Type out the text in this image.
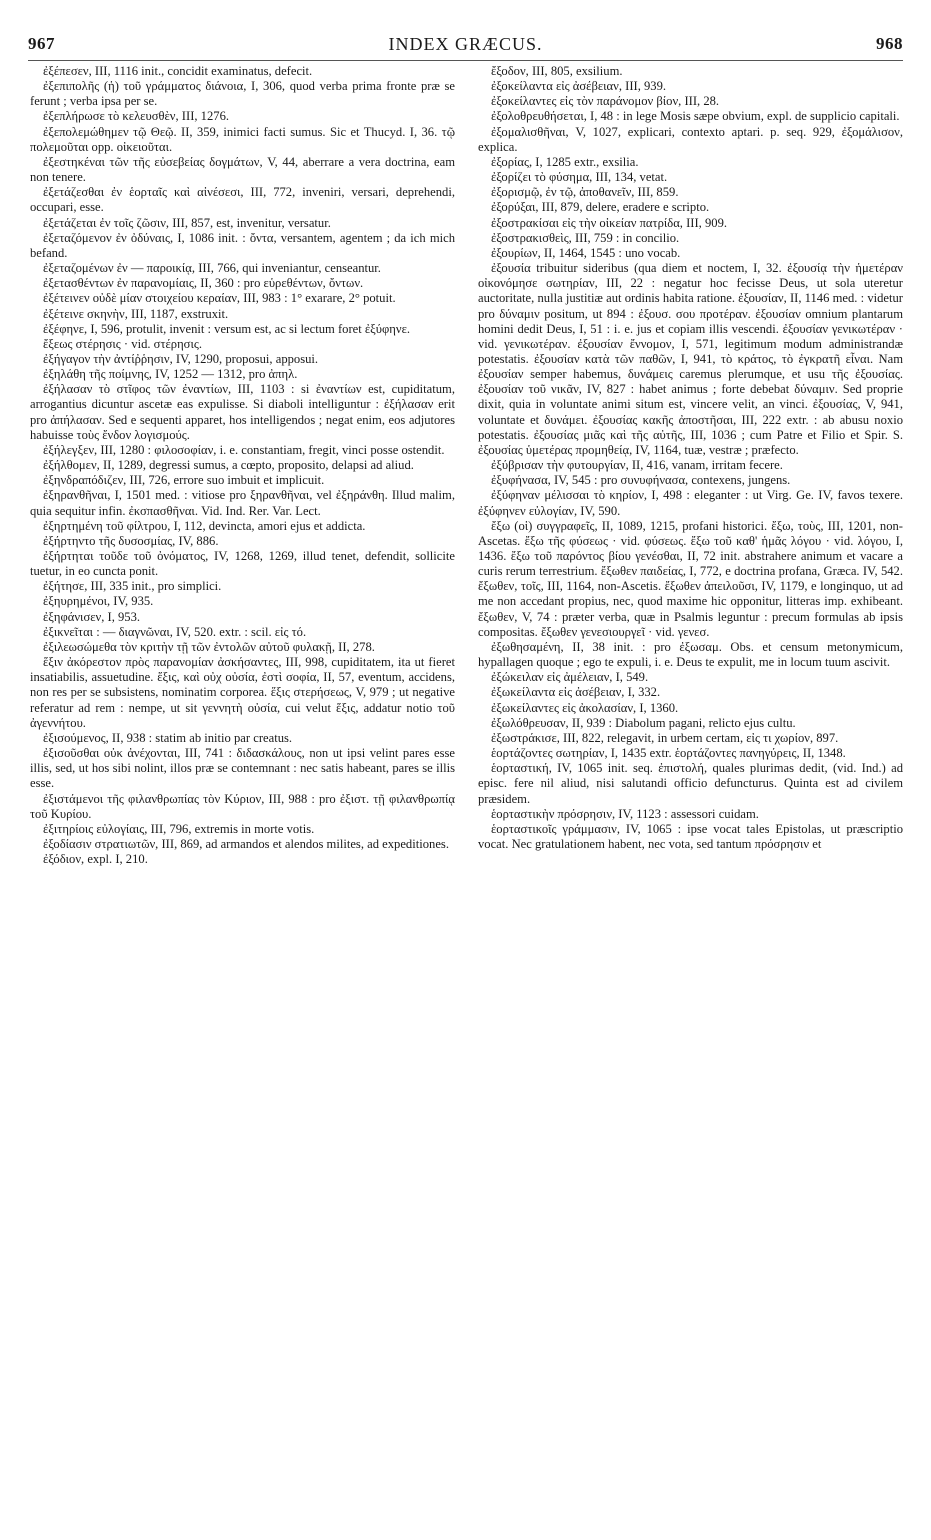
967	INDEX GRÆCUS.	968

ἐξέπεσεν, III, 1116 init., concidit examinatus, defecit.

ἐξεπιπολῆς (ἡ) τοῦ γράμματος διάνοια, I, 306, quod verba prima fronte præ se ferunt ; verba ipsa per se.

ἐξεπλήρωσε τὸ κελευσθὲν, III, 1276.

ἐξεπολεμώθημεν τῷ Θεῷ. II, 359, inimici facti sumus. Sic et Thucyd. I, 36. τῷ πολεμοῦται opp. οἰκειοῦται.

ἐξεστηκέναι τῶν τῆς εὐσεβείας δογμάτων, V, 44, aberrare a vera doctrina, eam non tenere.

ἐξετάζεσθαι ἐν ἑορταῖς καὶ αἰνέσεσι, III, 772, inveniri, versari, deprehendi, occupari, esse.

ἐξετάζεται ἐν τοῖς ζῶσιν, III, 857, est, invenitur, versatur.

ἐξεταζόμενον ἐν ὀδύναις, I, 1086 init. : ὄντα, versantem, agentem ; da ich mich befand.

ἐξεταζομένων ἐν — παροικίᾳ, III, 766, qui inveniantur, censeantur.

ἐξετασθέντων ἐν παρανομίαις, II, 360 : pro εὑρεθέντων, ὄντων.

ἐξέτεινεν οὐδὲ μίαν στοιχείου κεραίαν, III, 983 : 1° exarare, 2° potuit.

ἐξέτεινε σκηνὴν, III, 1187, exstruxit.

ἐξέφηνε, I, 596, protulit, invenit : versum est, ac si lectum foret ἐξύφηνε.

ἔξεως στέρησις · vid. στέρησις.

ἐξήγαγον τὴν ἀντίῤῥησιν, IV, 1290, proposui, apposui.

ἐξηλάθη τῆς ποίμνης, IV, 1252 — 1312, pro ἀπηλ.

ἐξήλασαν τὸ στῖφος τῶν ἐναντίων, III, 1103 : si ἐναντίων est, cupiditatum, arrogantius dicuntur ascetæ eas expulisse. Si diaboli intelliguntur : ἐξήλασαν erit pro ἀπήλασαν. Sed e sequenti apparet, hos intelligendos ; negat enim, eos adjutores habuisse τοὺς ἔνδον λογισμούς.

ἐξήλεγξεν, III, 1280 : φιλοσοφίαν, i. e. constantiam, fregit, vinci posse ostendit.

ἐξήλθομεν, II, 1289, degressi sumus, a cœpto, proposito, delapsi ad aliud.

ἐξηνδραπόδιζεν, III, 726, errore suo imbuit et implicuit.

ἐξηρανθῆναι, I, 1501 med. : vitiose pro ξηρανθῆναι, vel ἐξηράνθη. Illud malim, quia sequitur infin. ἐκσπασθῆναι. Vid. Ind. Rer. Var. Lect.

ἐξηρτημένη τοῦ φίλτρου, I, 112, devincta, amori ejus et addicta.

ἐξήρτηντο τῆς δυσοσμίας, IV, 886.

ἐξήρτηται τοῦδε τοῦ ὀνόματος, IV, 1268, 1269, illud tenet, defendit, sollicite tuetur, in eo cuncta ponit.

ἐξήτησε, III, 335 init., pro simplici.

ἐξηυρημένοι, IV, 935.

ἐξηφάνισεν, I, 953.

ἐξικνεῖται : — διαγνῶναι, IV, 520. extr. : scil. εἰς τό.

ἐξιλεωσώμεθα τὸν κριτὴν τῇ τῶν ἐντολῶν αὐτοῦ φυλακῇ, II, 278.

ἕξιν ἀκόρεστον πρὸς παρανομίαν ἀσκήσαντες, III, 998, cupiditatem, ita ut fieret insatiabilis, assuetudine. ἕξις, καὶ οὐχ οὐσία, ἐστὶ σοφία, II, 57, eventum, accidens, non res per se subsistens, nominatim corporea. ἕξις στερήσεως, V, 979 ; ut negative referatur ad rem : nempe, ut sit γεννητὴ οὐσία, cui velut ἕξις, addatur notio τοῦ ἀγεννήτου.

ἐξισούμενος, II, 938 : statim ab initio par creatus.

ἐξισοῦσθαι οὐκ ἀνέχονται, III, 741 : διδασκάλους, non ut ipsi velint pares esse illis, sed, ut hos sibi nolint, illos præ se contemnant : nec satis habeant, pares se illis esse.

ἐξιστάμενοι τῆς φιλανθρωπίας τὸν Κύριον, III, 988 : pro ἐξιστ. τῇ φιλανθρωπίᾳ τοῦ Κυρίου.

ἐξιτηρίοις εὐλογίαις, III, 796, extremis in morte votis.

ἐξοδίασιν στρατιωτῶν, III, 869, ad armandos et alendos milites, ad expeditiones.

ἐξόδιον, expl. I, 210.

ἔξοδον, III, 805, exsilium.

ἐξοκείλαντα εἰς ἀσέβειαν, III, 939.

ἐξοκείλαντες εἰς τὸν παράνομον βίον, III, 28.

ἐξολοθρευθήσεται, I, 48 : in lege Mosis sæpe obvium, expl. de supplicio capitali.

ἐξομαλισθῆναι, V, 1027, explicari, contexto aptari. p. seq. 929, ἐξομάλισον, explica.

ἐξορίας, I, 1285 extr., exsilia.

ἐξορίζει τὸ φύσημα, III, 134, vetat.

ἐξορισμῷ, ἐν τῷ, ἀποθανεῖν, III, 859.

ἐξορύξαι, III, 879, delere, eradere e scripto.

ἐξοστρακίσαι εἰς τὴν οἰκείαν πατρίδα, III, 909.

ἐξοστρακισθεὶς, III, 759 : in concilio.

ἐξουρίων, II, 1464, 1545 : uno vocab.

ἐξουσία tribuitur sideribus (qua diem et noctem, I, 32. ἐξουσίᾳ τὴν ἡμετέραν οἰκονόμησε σωτηρίαν, III, 22 : negatur hoc fecisse Deus, ut sola uteretur auctoritate, nulla justitiæ aut ordinis habita ratione. ἐξουσίαν, II, 1146 med. : videtur pro δύναμιν positum, ut 894 : ἐξουσ. σου προτέραν. ἐξουσίαν omnium plantarum homini dedit Deus, I, 51 : i. e. jus et copiam illis vescendi. ἐξουσίαν γενικωτέραν · vid. γενικωτέραν. ἐξουσίαν ἔννομον, I, 571, legitimum modum administrandæ potestatis. ἐξουσίαν κατὰ τῶν παθῶν, I, 941, τὸ κράτος, τὸ ἐγκρατῆ εἶναι. Nam ἐξουσίαν semper habemus, δυνάμεις caremus plerumque, et usu τῆς ἐξουσίας. ἐξουσίαν τοῦ νικᾶν, IV, 827 : habet animus ; forte debebat δύναμιν. Sed proprie dixit, quia in voluntate animi situm est, vincere velit, an vinci. ἐξουσίας, V, 941, voluntate et δυνάμει. ἐξουσίας κακῆς ἀποστῆσαι, III, 222 extr. : ab abusu noxio potestatis. ἐξουσίας μιᾶς καὶ τῆς αὐτῆς, III, 1036 ; cum Patre et Filio et Spir. S. ἐξουσίας ὑμετέρας προμηθείᾳ, IV, 1164, tuæ, vestræ ; præfecto.

ἐξύβρισαν τὴν φυτουργίαν, II, 416, vanam, irritam fecere.

ἐξυφήνασα, IV, 545 : pro συνυφήνασα, contexens, jungens.

ἐξύφηναν μέλισσαι τὸ κηρίον, I, 498 : eleganter : ut Virg. Ge. IV, favos texere. ἐξύφηνεν εὐλογίαν, IV, 590.

ἔξω (οἱ) συγγραφεῖς, II, 1089, 1215, profani historici. ἔξω, τοὺς, III, 1201, non-Ascetas. ἔξω τῆς φύσεως · vid. φύσεως. ἔξω τοῦ καθ' ἡμᾶς λόγου · vid. λόγου, I, 1436. ἔξω τοῦ παρόντος βίου γενέσθαι, II, 72 init. abstrahere animum et vacare a curis rerum terrestrium. ἔξωθεν παιδείας, I, 772, e doctrina profana, Græca. IV, 542. ἔξωθεν, τοῖς, III, 1164, non-Ascetis. ἔξωθεν ἀπειλοῦσι, IV, 1179, e longinquo, ut ad me non accedant propius, nec, quod maxime hic opponitur, litteras imp. exhibeant. ἔξωθεν, V, 74 : præter verba, quæ in Psalmis leguntur : precum formulas ab ipsis compositas. ἔξωθεν γενεσιουργεῖ · vid. γενεσ.

ἐξωθησαμένη, II, 38 init. : pro ἐξωσαμ. Obs. et censum metonymicum, hypallagen quoque ; ego te expuli, i. e. Deus te expulit, me in locum tuum ascivit.

ἐξώκειλαν εἰς ἀμέλειαν, I, 549.

ἐξωκείλαντα εἰς ἀσέβειαν, I, 332.

ἐξωκείλαντες εἰς ἀκολασίαν, I, 1360.

ἐξωλόθρευσαν, II, 939 : Diabolum pagani, relicto ejus cultu.

ἐξωστράκισε, III, 822, relegavit, in urbem certam, εἰς τι χωρίον, 897.

ἑορτάζοντες σωτηρίαν, I, 1435 extr. ἑορτάζοντες πανηγύρεις, II, 1348.

ἑορταστική, IV, 1065 init. seq. ἐπιστολή, quales plurimas dedit, (vid. Ind.) ad episc. fere nil aliud, nisi salutandi officio defuncturus. Quinta est ad civilem præsidem.

ἑορταστικὴν πρόσρησιν, IV, 1123 : assessori cuidam.

ἑορταστικοῖς γράμμασιν, IV, 1065 : ipse vocat tales Epistolas, ut præscriptio vocat. Nec gratulationem habent, nec vota, sed tantum πρόσρησιν et
